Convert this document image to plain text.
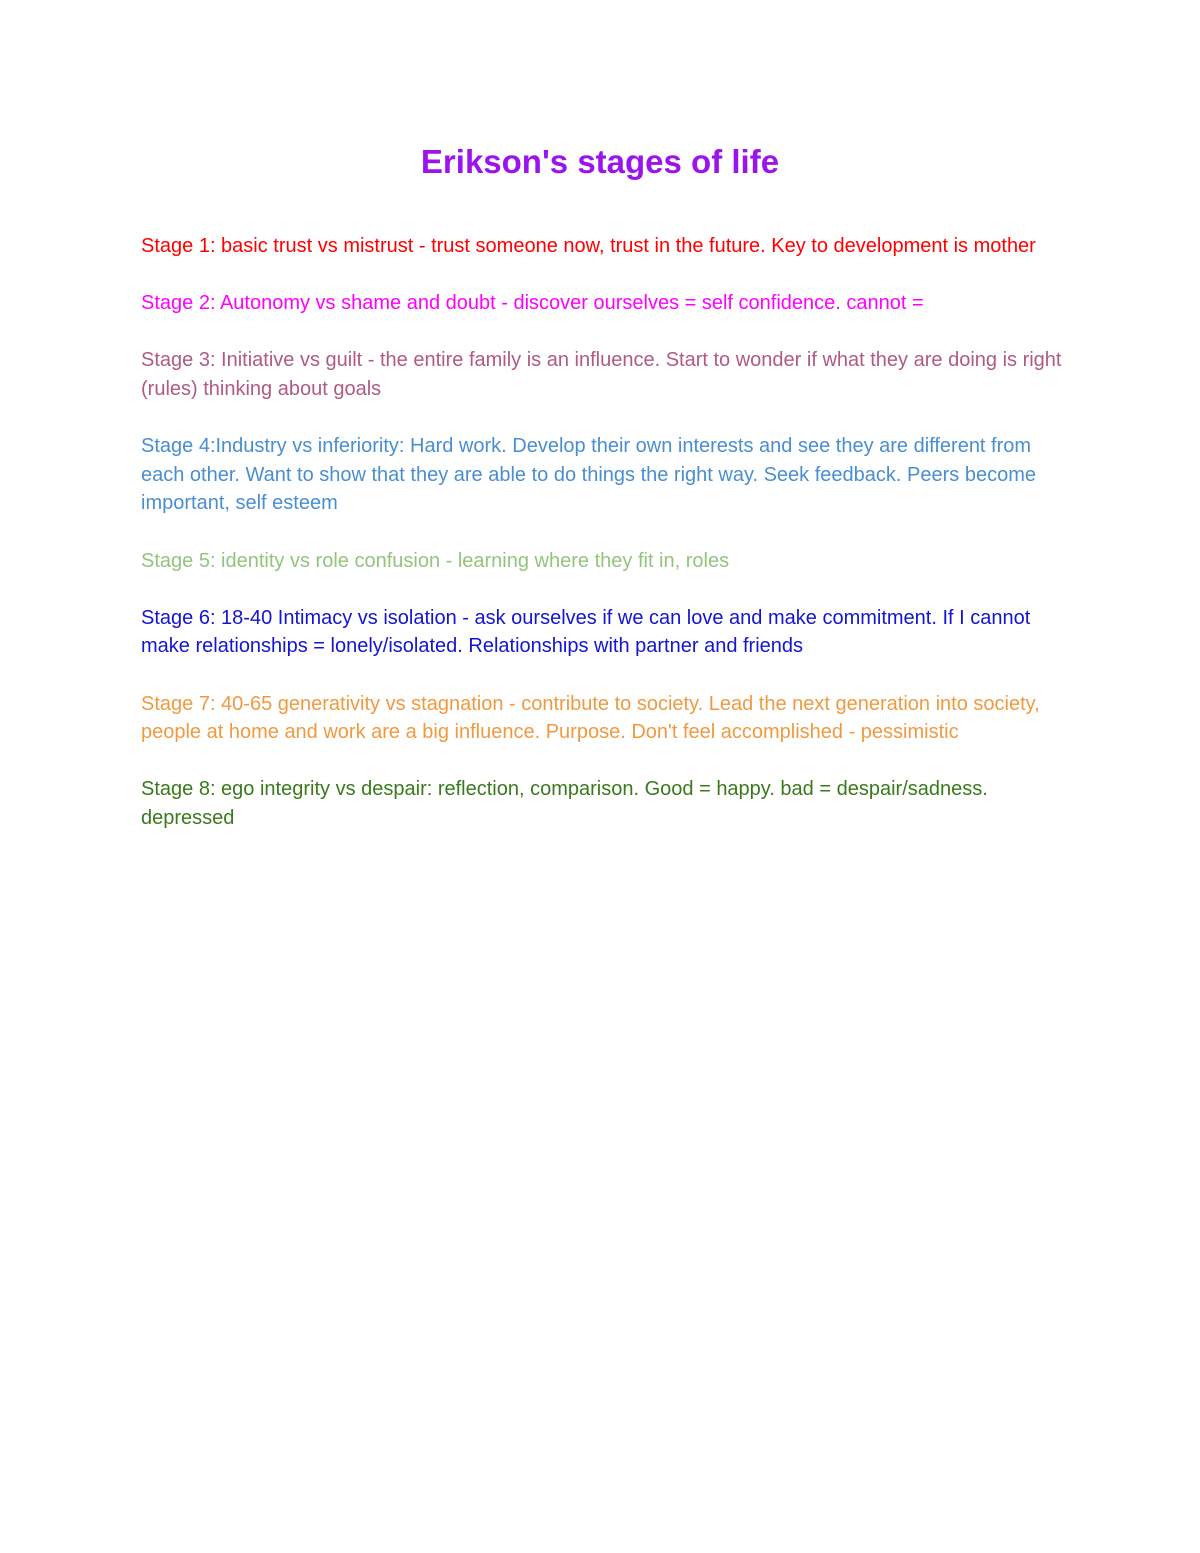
Erikson's stages of life

Stage 1: basic trust vs mistrust - trust someone now, trust in the future. Key to development is mother

Stage 2: Autonomy vs shame and doubt - discover ourselves = self confidence. cannot =

Stage 3: Initiative vs guilt - the entire family is an influence. Start to wonder if what they are doing is right (rules) thinking about goals

Stage 4:Industry vs inferiority: Hard work. Develop their own interests and see they are different from each other. Want to show that they are able to do things the right way. Seek feedback. Peers become important, self esteem

Stage 5: identity vs role confusion - learning where they fit in, roles

Stage 6: 18-40 Intimacy vs isolation - ask ourselves if we can love and make commitment. If I cannot make relationships = lonely/isolated. Relationships with partner and friends

Stage 7: 40-65 generativity vs stagnation - contribute to society. Lead the next generation into society, people at home and work are a big influence. Purpose. Don't feel accomplished - pessimistic

Stage 8: ego integrity vs despair: reflection, comparison. Good = happy. bad = despair/sadness. depressed
